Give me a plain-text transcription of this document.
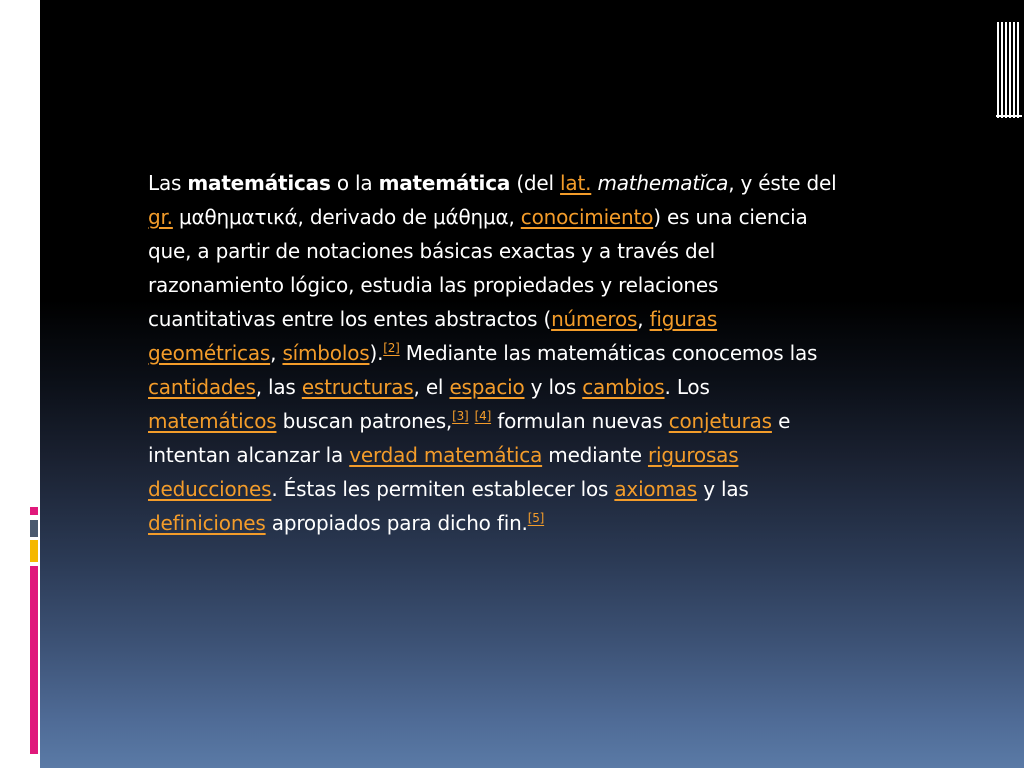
Las matemáticas o la matemática (del lat. mathematĭca, y éste del gr. μαθηματικά, derivado de μάθημα, conocimiento) es una ciencia que, a partir de notaciones básicas exactas y a través del razonamiento lógico, estudia las propiedades y relaciones cuantitativas entre los entes abstractos (números, figuras geométricas, símbolos).[2] Mediante las matemáticas conocemos las cantidades, las estructuras, el espacio y los cambios. Los matemáticos buscan patrones,[3] [4] formulan nuevas conjeturas e intentan alcanzar la verdad matemática mediante rigurosas deducciones. Éstas les permiten establecer los axiomas y las definiciones apropiados para dicho fin.[5]
